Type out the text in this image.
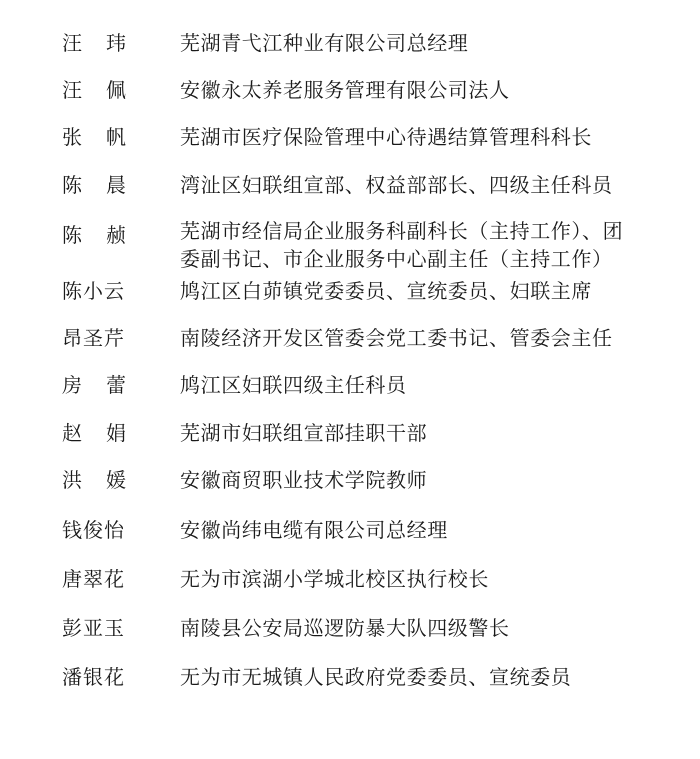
汪玮 芜湖青弋江种业有限公司总经理
汪佩 安徽永太养老服务管理有限公司法人
张帆 芜湖市医疗保险管理中心待遇结算管理科科长
陈晨 湾沚区妇联组宣部、权益部部长、四级主任科员
陈赪 芜湖市经信局企业服务科副科长（主持工作）、团
委副书记、市企业服务中心副主任（主持工作）
陈小云	鸠江区白茆镇党委委员、宣统委员、妇联主席
昂圣芹	南陵经济开发区管委会党工委书记、管委会主任
房蕾 鸠江区妇联四级主任科员
赵娟 芜湖市妇联组宣部挂职干部
洪媛 安徽商贸职业技术学院教师
钱俊怡	安徽尚纬电缆有限公司总经理
唐翠花	无为市滨湖小学城北校区执行校长
彭亚玉	南陵县公安局巡逻防暴大队四级警长
潘银花	无为市无城镇人民政府党委委员、宣统委员
